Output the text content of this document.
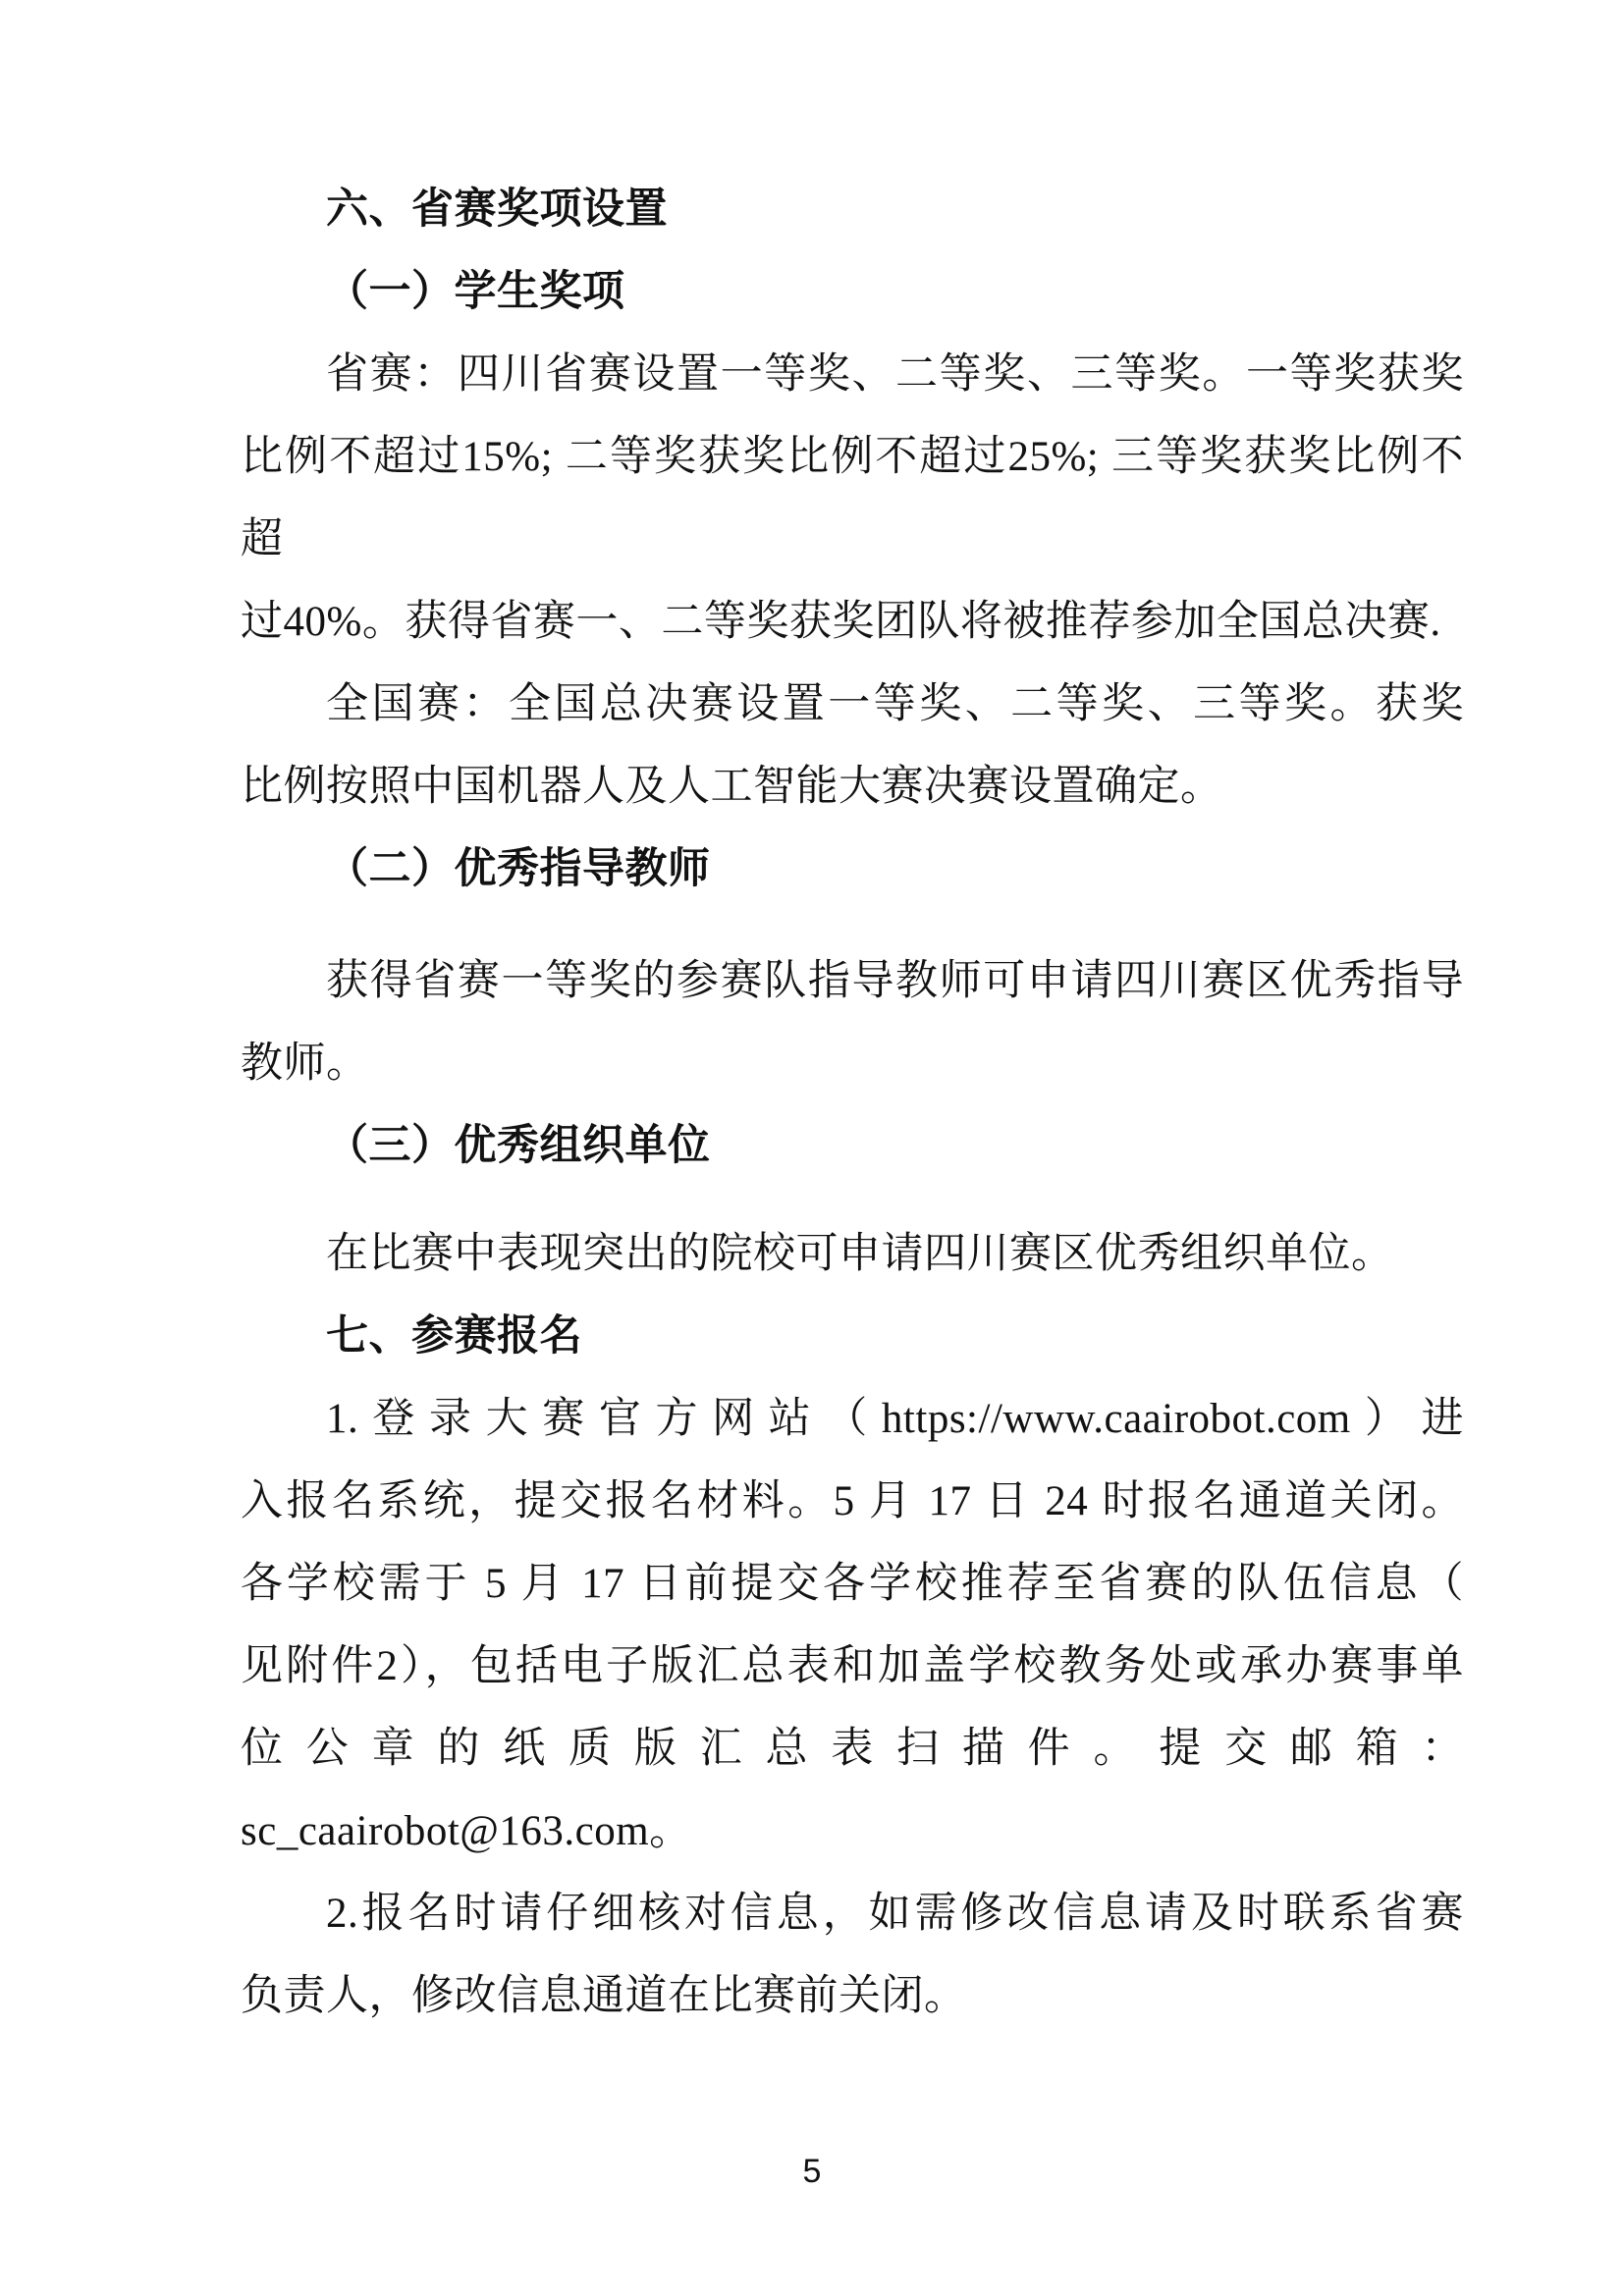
六、省赛奖项设置
（一）学生奖项
省赛：四川省赛设置一等奖、二等奖、三等奖。一等奖获奖
比例不超过15%; 二等奖获奖比例不超过25%; 三等奖获奖比例不超
过40%。获得省赛一、二等奖获奖团队将被推荐参加全国总决赛.
全国赛：全国总决赛设置一等奖、二等奖、三等奖。获奖
比例按照中国机器人及人工智能大赛决赛设置确定。
（二）优秀指导教师
获得省赛一等奖的参赛队指导教师可申请四川赛区优秀指导
教师。
（三）优秀组织单位
在比赛中表现突出的院校可申请四川赛区优秀组织单位。
七、参赛报名
1.登录大赛官方网站（https://www.caairobot.com）进
入报名系统，提交报名材料。5 月 17 日 24 时报名通道关闭。
各学校需于 5 月 17 日前提交各学校推荐至省赛的队伍信息（
见附件2），包括电子版汇总表和加盖学校教务处或承办赛事单
位公章的纸质版汇总表扫描件。提交邮箱：
sc_caairobot@163.com。
2.报名时请仔细核对信息，如需修改信息请及时联系省赛
负责人，修改信息通道在比赛前关闭。
5
